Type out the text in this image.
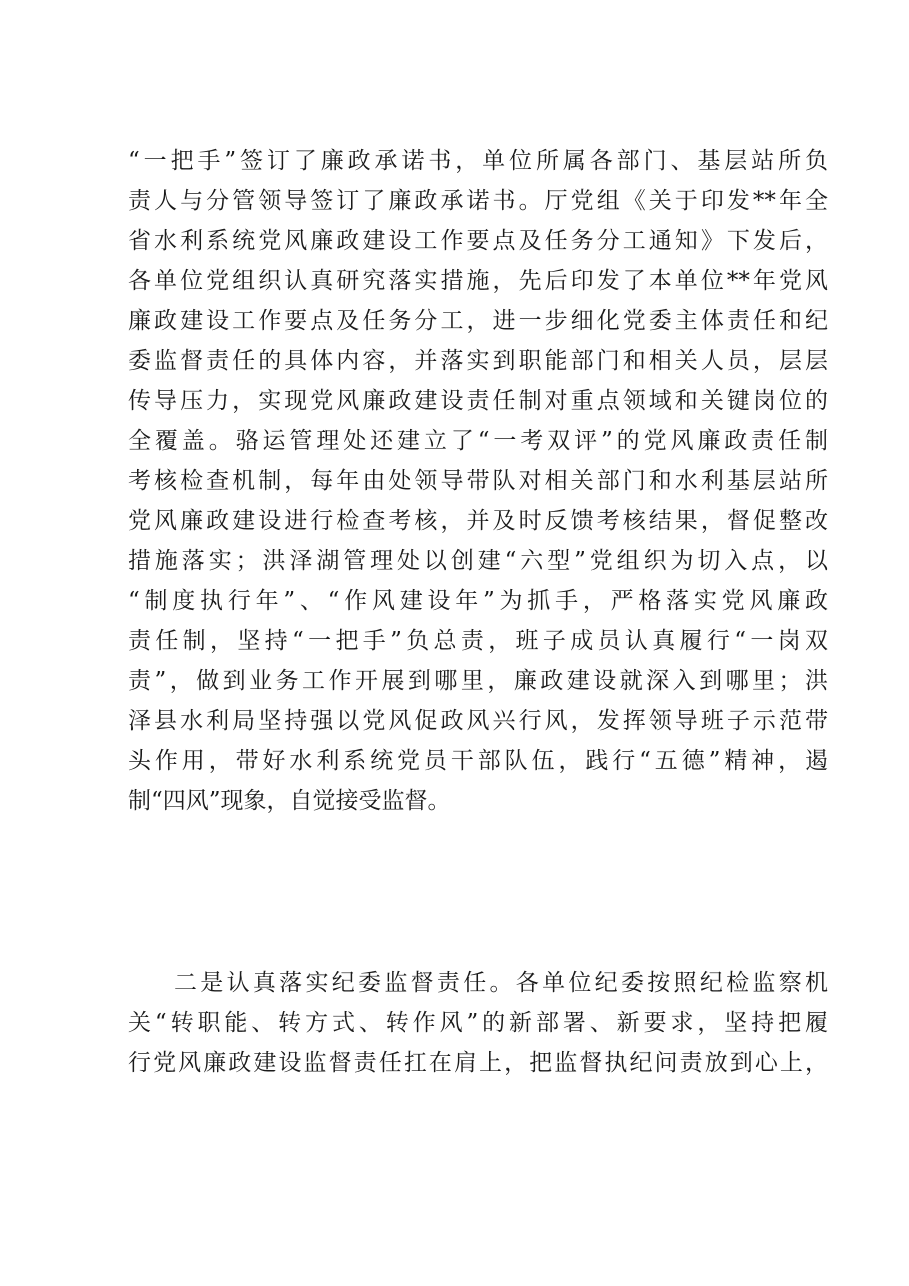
“一把手”签订了廉政承诺书，单位所属各部门、基层站所负
责人与分管领导签订了廉政承诺书。厅党组《关于印发**年全
省水利系统党风廉政建设工作要点及任务分工通知》下发后，
各单位党组织认真研究落实措施，先后印发了本单位**年党风
廉政建设工作要点及任务分工，进一步细化党委主体责任和纪
委监督责任的具体内容，并落实到职能部门和相关人员，层层
传导压力，实现党风廉政建设责任制对重点领域和关键岗位的
全覆盖。骆运管理处还建立了“一考双评”的党风廉政责任制
考核检查机制，每年由处领导带队对相关部门和水利基层站所
党风廉政建设进行检查考核，并及时反馈考核结果，督促整改
措施落实；洪泽湖管理处以创建“六型”党组织为切入点，以
“制度执行年”、“作风建设年”为抓手，严格落实党风廉政
责任制，坚持“一把手”负总责，班子成员认真履行“一岗双
责”，做到业务工作开展到哪里，廉政建设就深入到哪里；洪
泽县水利局坚持强以党风促政风兴行风，发挥领导班子示范带
头作用，带好水利系统党员干部队伍，践行“五德”精神，遏
制“四风”现象，自觉接受监督。
二是认真落实纪委监督责任。各单位纪委按照纪检监察机
关“转职能、转方式、转作风”的新部署、新要求，坚持把履
行党风廉政建设监督责任扛在肩上，把监督执纪问责放到心上，
